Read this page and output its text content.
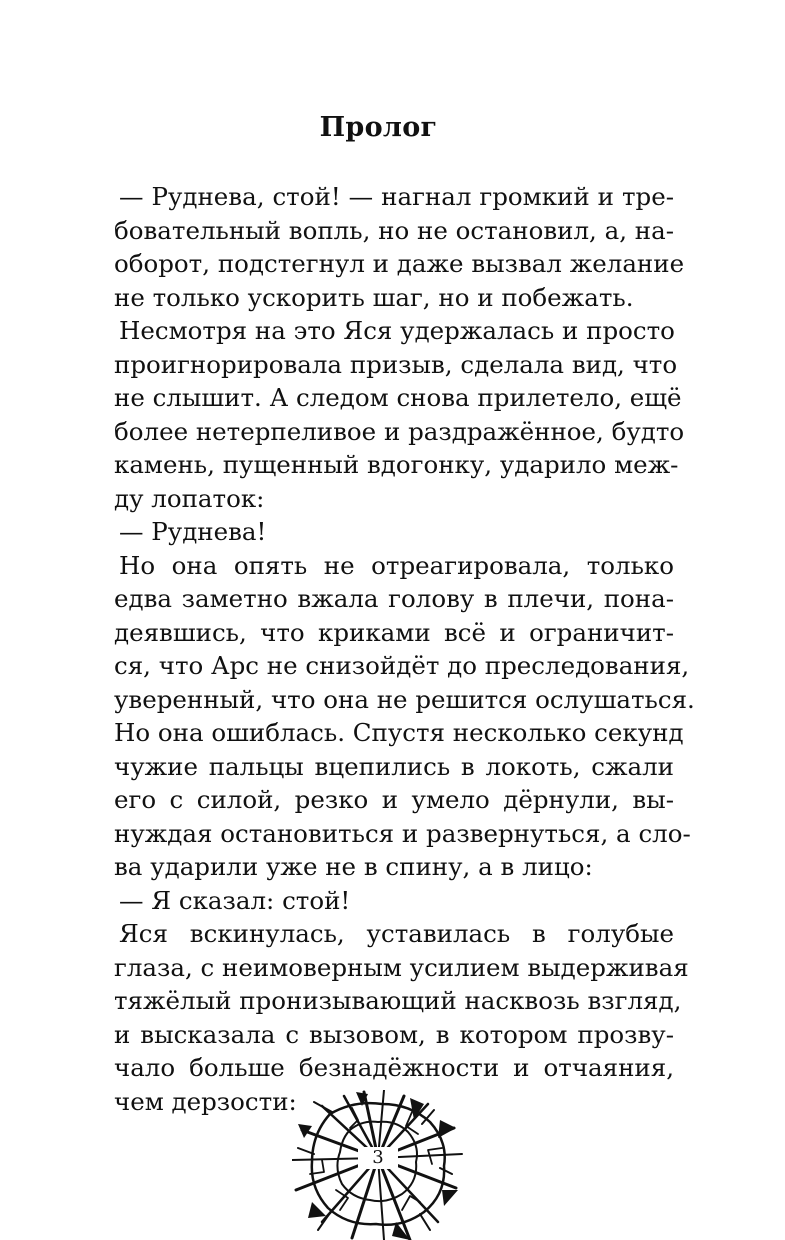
Пролог
— Руднева, стой! — нагнал громкий и тре-
бовательный вопль, но не остановил, а, на-
оборот, подстегнул и даже вызвал желание
не только ускорить шаг, но и побежать.
Несмотря на это Яся удержалась и просто
проигнорировала призыв, сделала вид, что
не слышит. А следом снова прилетело, ещё
более нетерпеливое и раздражённое, будто
камень, пущенный вдогонку, ударило меж-
ду лопаток:
— Руднева!
Но она опять не отреагировала, только
едва заметно вжала голову в плечи, пона-
деявшись, что криками всё и ограничит-
ся, что Арс не снизойдёт до преследования,
уверенный, что она не решится ослушаться.
Но она ошиблась. Спустя несколько секунд
чужие пальцы вцепились в локоть, сжали
его с силой, резко и умело дёрнули, вы-
нуждая остановиться и развернуться, а сло-
ва ударили уже не в спину, а в лицо:
— Я сказал: стой!
Яся вскинулась, уставилась в голубые
глаза, с неимоверным усилием выдерживая
тяжёлый пронизывающий насквозь взгляд,
и высказала с вызовом, в котором прозву-
чало больше безнадёжности и отчаяния,
чем дерзости:
3
